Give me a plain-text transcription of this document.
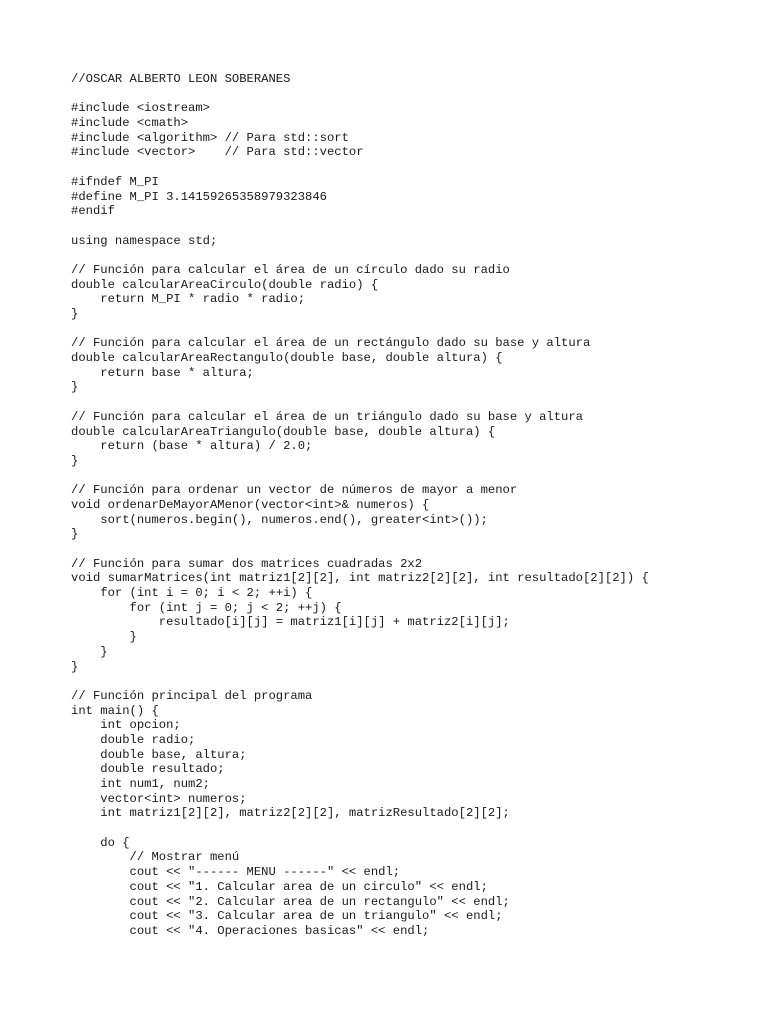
//OSCAR ALBERTO LEON SOBERANES
#include <iostream>
#include <cmath>
#include <algorithm> // Para std::sort
#include <vector>    // Para std::vector
#ifndef M_PI
#define M_PI 3.14159265358979323846
#endif
using namespace std;
// Función para calcular el área de un círculo dado su radio
double calcularAreaCirculo(double radio) {
return M_PI * radio * radio;
}
// Función para calcular el área de un rectángulo dado su base y altura
double calcularAreaRectangulo(double base, double altura) {
return base * altura;
}
// Función para calcular el área de un triángulo dado su base y altura
double calcularAreaTriangulo(double base, double altura) {
return (base * altura) / 2.0;
}
// Función para ordenar un vector de números de mayor a menor
void ordenarDeMayorAMenor(vector<int>& numeros) {
sort(numeros.begin(), numeros.end(), greater<int>());
}
// Función para sumar dos matrices cuadradas 2x2
void sumarMatrices(int matriz1[2][2], int matriz2[2][2], int resultado[2][2]) {
for (int i = 0; i < 2; ++i) {
for (int j = 0; j < 2; ++j) {
resultado[i][j] = matriz1[i][j] + matriz2[i][j];
}
}
}
// Función principal del programa
int main() {
int opcion;
double radio;
double base, altura;
double resultado;
int num1, num2;
vector<int> numeros;
int matriz1[2][2], matriz2[2][2], matrizResultado[2][2];
do {
// Mostrar menú
cout << "------ MENU ------" << endl;
cout << "1. Calcular area de un circulo" << endl;
cout << "2. Calcular area de un rectangulo" << endl;
cout << "3. Calcular area de un triangulo" << endl;
cout << "4. Operaciones basicas" << endl;
